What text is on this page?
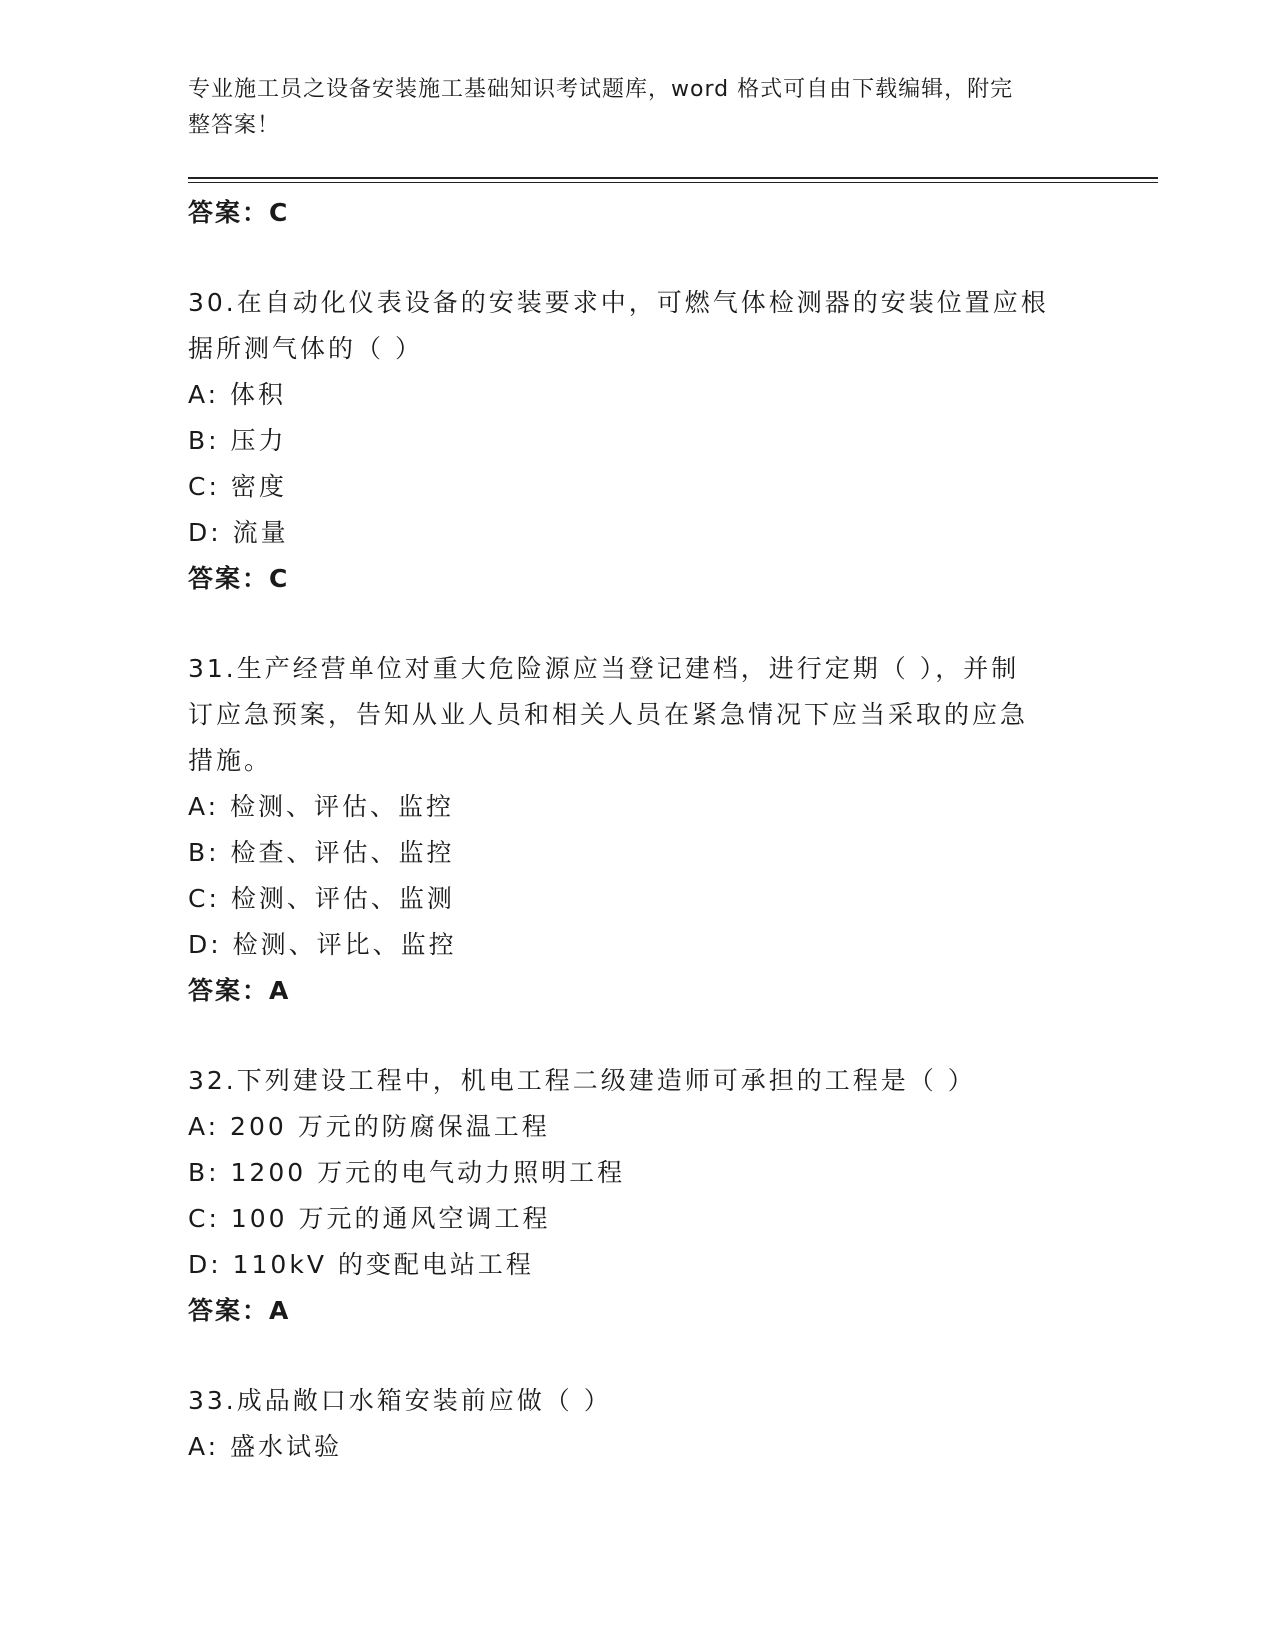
专业施工员之设备安装施工基础知识考试题库，word 格式可自由下载编辑，附完
整答案！
答案：C
30.在自动化仪表设备的安装要求中，可燃气体检测器的安装位置应根
据所测气体的（ ）
A: 体积
B: 压力
C: 密度
D: 流量
答案：C
31.生产经营单位对重大危险源应当登记建档，进行定期（ ），并制
订应急预案，告知从业人员和相关人员在紧急情况下应当采取的应急
措施。
A: 检测、评估、监控
B: 检查、评估、监控
C: 检测、评估、监测
D: 检测、评比、监控
答案：A
32.下列建设工程中，机电工程二级建造师可承担的工程是（ ）
A: 200 万元的防腐保温工程
B: 1200 万元的电气动力照明工程
C: 100 万元的通风空调工程
D: 110kV 的变配电站工程
答案：A
33.成品敞口水箱安装前应做（ ）
A: 盛水试验
